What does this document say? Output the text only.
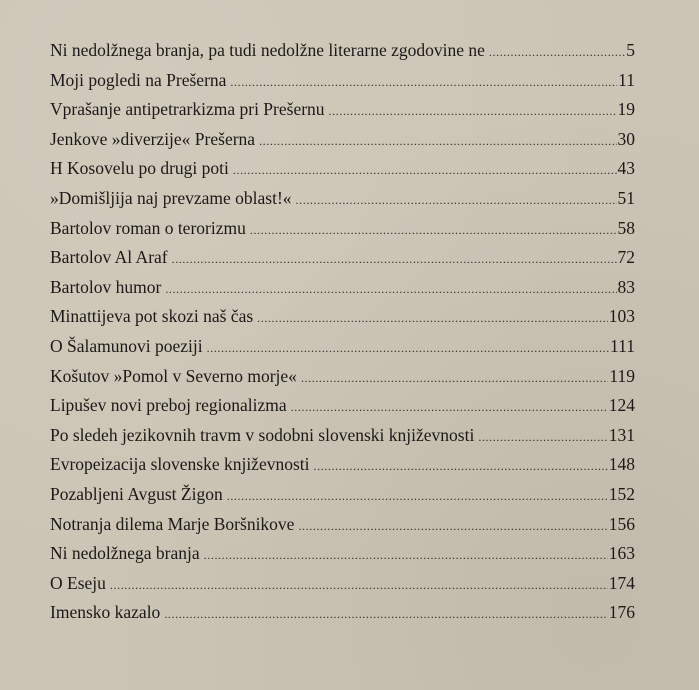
Ni nedolžnega branja, pa tudi nedolžne literarne zgodovine ne .....	5
Moji pogledi na Prešerna .....	11
Vprašanje antipetrarkizma pri Prešernu .....	19
Jenkove »diverzije« Prešerna .....	30
H Kosovelu po drugi poti .....	43
»Domišljija naj prevzame oblast!« .....	51
Bartolov roman o terorizmu .....	58
Bartolov Al Araf .....	72
Bartolov humor .....	83
Minattijeva pot skozi naš čas .....	103
O Šalamunovi poeziji .....	111
Košutov »Pomol v Severno morje« .....	119
Lipušev novi preboj regionalizma .....	124
Po sledeh jezikovnih travm v sodobni slovenski književnosti .....	131
Evropeizacija slovenske književnosti .....	148
Pozabljeni Avgust Žigon .....	152
Notranja dilema Marje Boršnikove .....	156
Ni nedolžnega branja .....	163
O Eseju .....	174
Imensko kazalo .....	176
